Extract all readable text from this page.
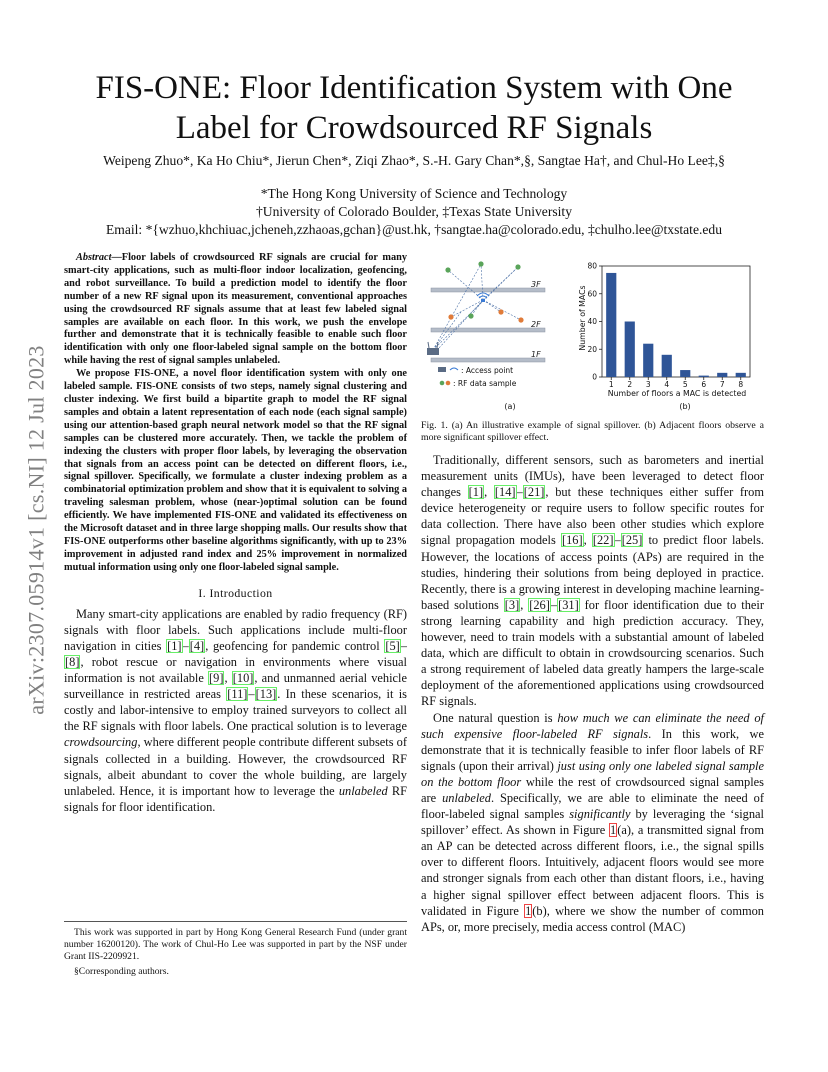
arXiv:2307.05914v1 [cs.NI] 12 Jul 2023
FIS-ONE: Floor Identification System with One
Label for Crowdsourced RF Signals
Weipeng Zhuo*, Ka Ho Chiu*, Jierun Chen*, Ziqi Zhao*, S.-H. Gary Chan*,§, Sangtae Ha†, and Chul-Ho Lee‡,§
*The Hong Kong University of Science and Technology
†University of Colorado Boulder, ‡Texas State University
Email: *{wzhuo,khchiuac,jcheneh,zzhaoas,gchan}@ust.hk, †sangtae.ha@colorado.edu, ‡chulho.lee@txstate.edu

Abstract—Floor labels of crowdsourced RF signals are crucial for many smart-city applications, such as multi-floor indoor localization, geofencing, and robot surveillance. To build a prediction model to identify the floor number of a new RF signal upon its measurement, conventional approaches using the crowdsourced RF signals assume that at least few labeled signal samples are available on each floor. In this work, we push the envelope further and demonstrate that it is technically feasible to enable such floor identification with only one floor-labeled signal sample on the bottom floor while having the rest of signal samples unlabeled.

We propose FIS-ONE, a novel floor identification system with only one labeled sample. FIS-ONE consists of two steps, namely signal clustering and cluster indexing. We first build a bipartite graph to model the RF signal samples and obtain a latent representation of each node (each signal sample) using our attention-based graph neural network model so that the RF signal samples can be clustered more accurately. Then, we tackle the problem of indexing the clusters with proper floor labels, by leveraging the observation that signals from an access point can be detected on different floors, i.e., signal spillover. Specifically, we formulate a cluster indexing problem as a combinatorial optimization problem and show that it is equivalent to solving a traveling salesman problem, whose (near-)optimal solution can be found efficiently. We have implemented FIS-ONE and validated its effectiveness on the Microsoft dataset and in three large shopping malls. Our results show that FIS-ONE outperforms other baseline algorithms significantly, with up to 23% improvement in adjusted rand index and 25% improvement in normalized mutual information using only one floor-labeled signal sample.

I. Introduction

Many smart-city applications are enabled by radio frequency (RF) signals with floor labels. Such applications include multi-floor navigation in cities [1]–[4], geofencing for pandemic control [5]–[8], robot rescue or navigation in environments where visual information is not available [9], [10], and unmanned aerial vehicle surveillance in restricted areas [11]–[13]. In these scenarios, it is costly and labor-intensive to employ trained surveyors to collect all the RF signals with floor labels. One practical solution is to leverage crowdsourcing, where different people contribute different subsets of signals collected in a building. However, the crowdsourced RF signals, albeit abundant to cover the whole building, are largely unlabeled. Hence, it is important how to leverage the unlabeled RF signals for floor identification.

This work was supported in part by Hong Kong General Research Fund (under grant number 16200120). The work of Chul-Ho Lee was supported in part by the NSF under Grant IIS-2209921.

§Corresponding authors.

3F
2F
1F
: Access point
: RF data sample
(a)
0
20
40
60
80
1 2 3 4 5 6 7 8
Number of floors a MAC is detected
Number of MACs
(b)

Fig. 1. (a) An illustrative example of signal spillover. (b) Adjacent floors observe a more significant spillover effect.

Traditionally, different sensors, such as barometers and inertial measurement units (IMUs), have been leveraged to detect floor changes [1], [14]–[21], but these techniques either suffer from device heterogeneity or require users to follow specific routes for data collection. There have also been other studies which explore signal propagation models [16], [22]–[25] to predict floor labels. However, the locations of access points (APs) are required in the studies, hindering their solutions from being deployed in practice. Recently, there is a growing interest in developing machine learning-based solutions [3], [26]–[31] for floor identification due to their strong learning capability and high prediction accuracy. They, however, need to train models with a substantial amount of labeled data, which are difficult to obtain in crowdsourcing scenarios. Such a strong requirement of labeled data greatly hampers the large-scale deployment of the aforementioned applications using crowdsourced RF signals.

One natural question is how much we can eliminate the need of such expensive floor-labeled RF signals. In this work, we demonstrate that it is technically feasible to infer floor labels of RF signals (upon their arrival) just using only one labeled signal sample on the bottom floor while the rest of crowdsourced signal samples are unlabeled. Specifically, we are able to eliminate the need of floor-labeled signal samples significantly by leveraging the ‘signal spillover’ effect. As shown in Figure 1(a), a transmitted signal from an AP can be detected across different floors, i.e., the signal spills over to different floors. Intuitively, adjacent floors would see more and stronger signals from each other than distant floors, i.e., having a higher signal spillover effect between adjacent floors. This is validated in Figure 1(b), where we show the number of common APs, or, more precisely, media access control (MAC)
